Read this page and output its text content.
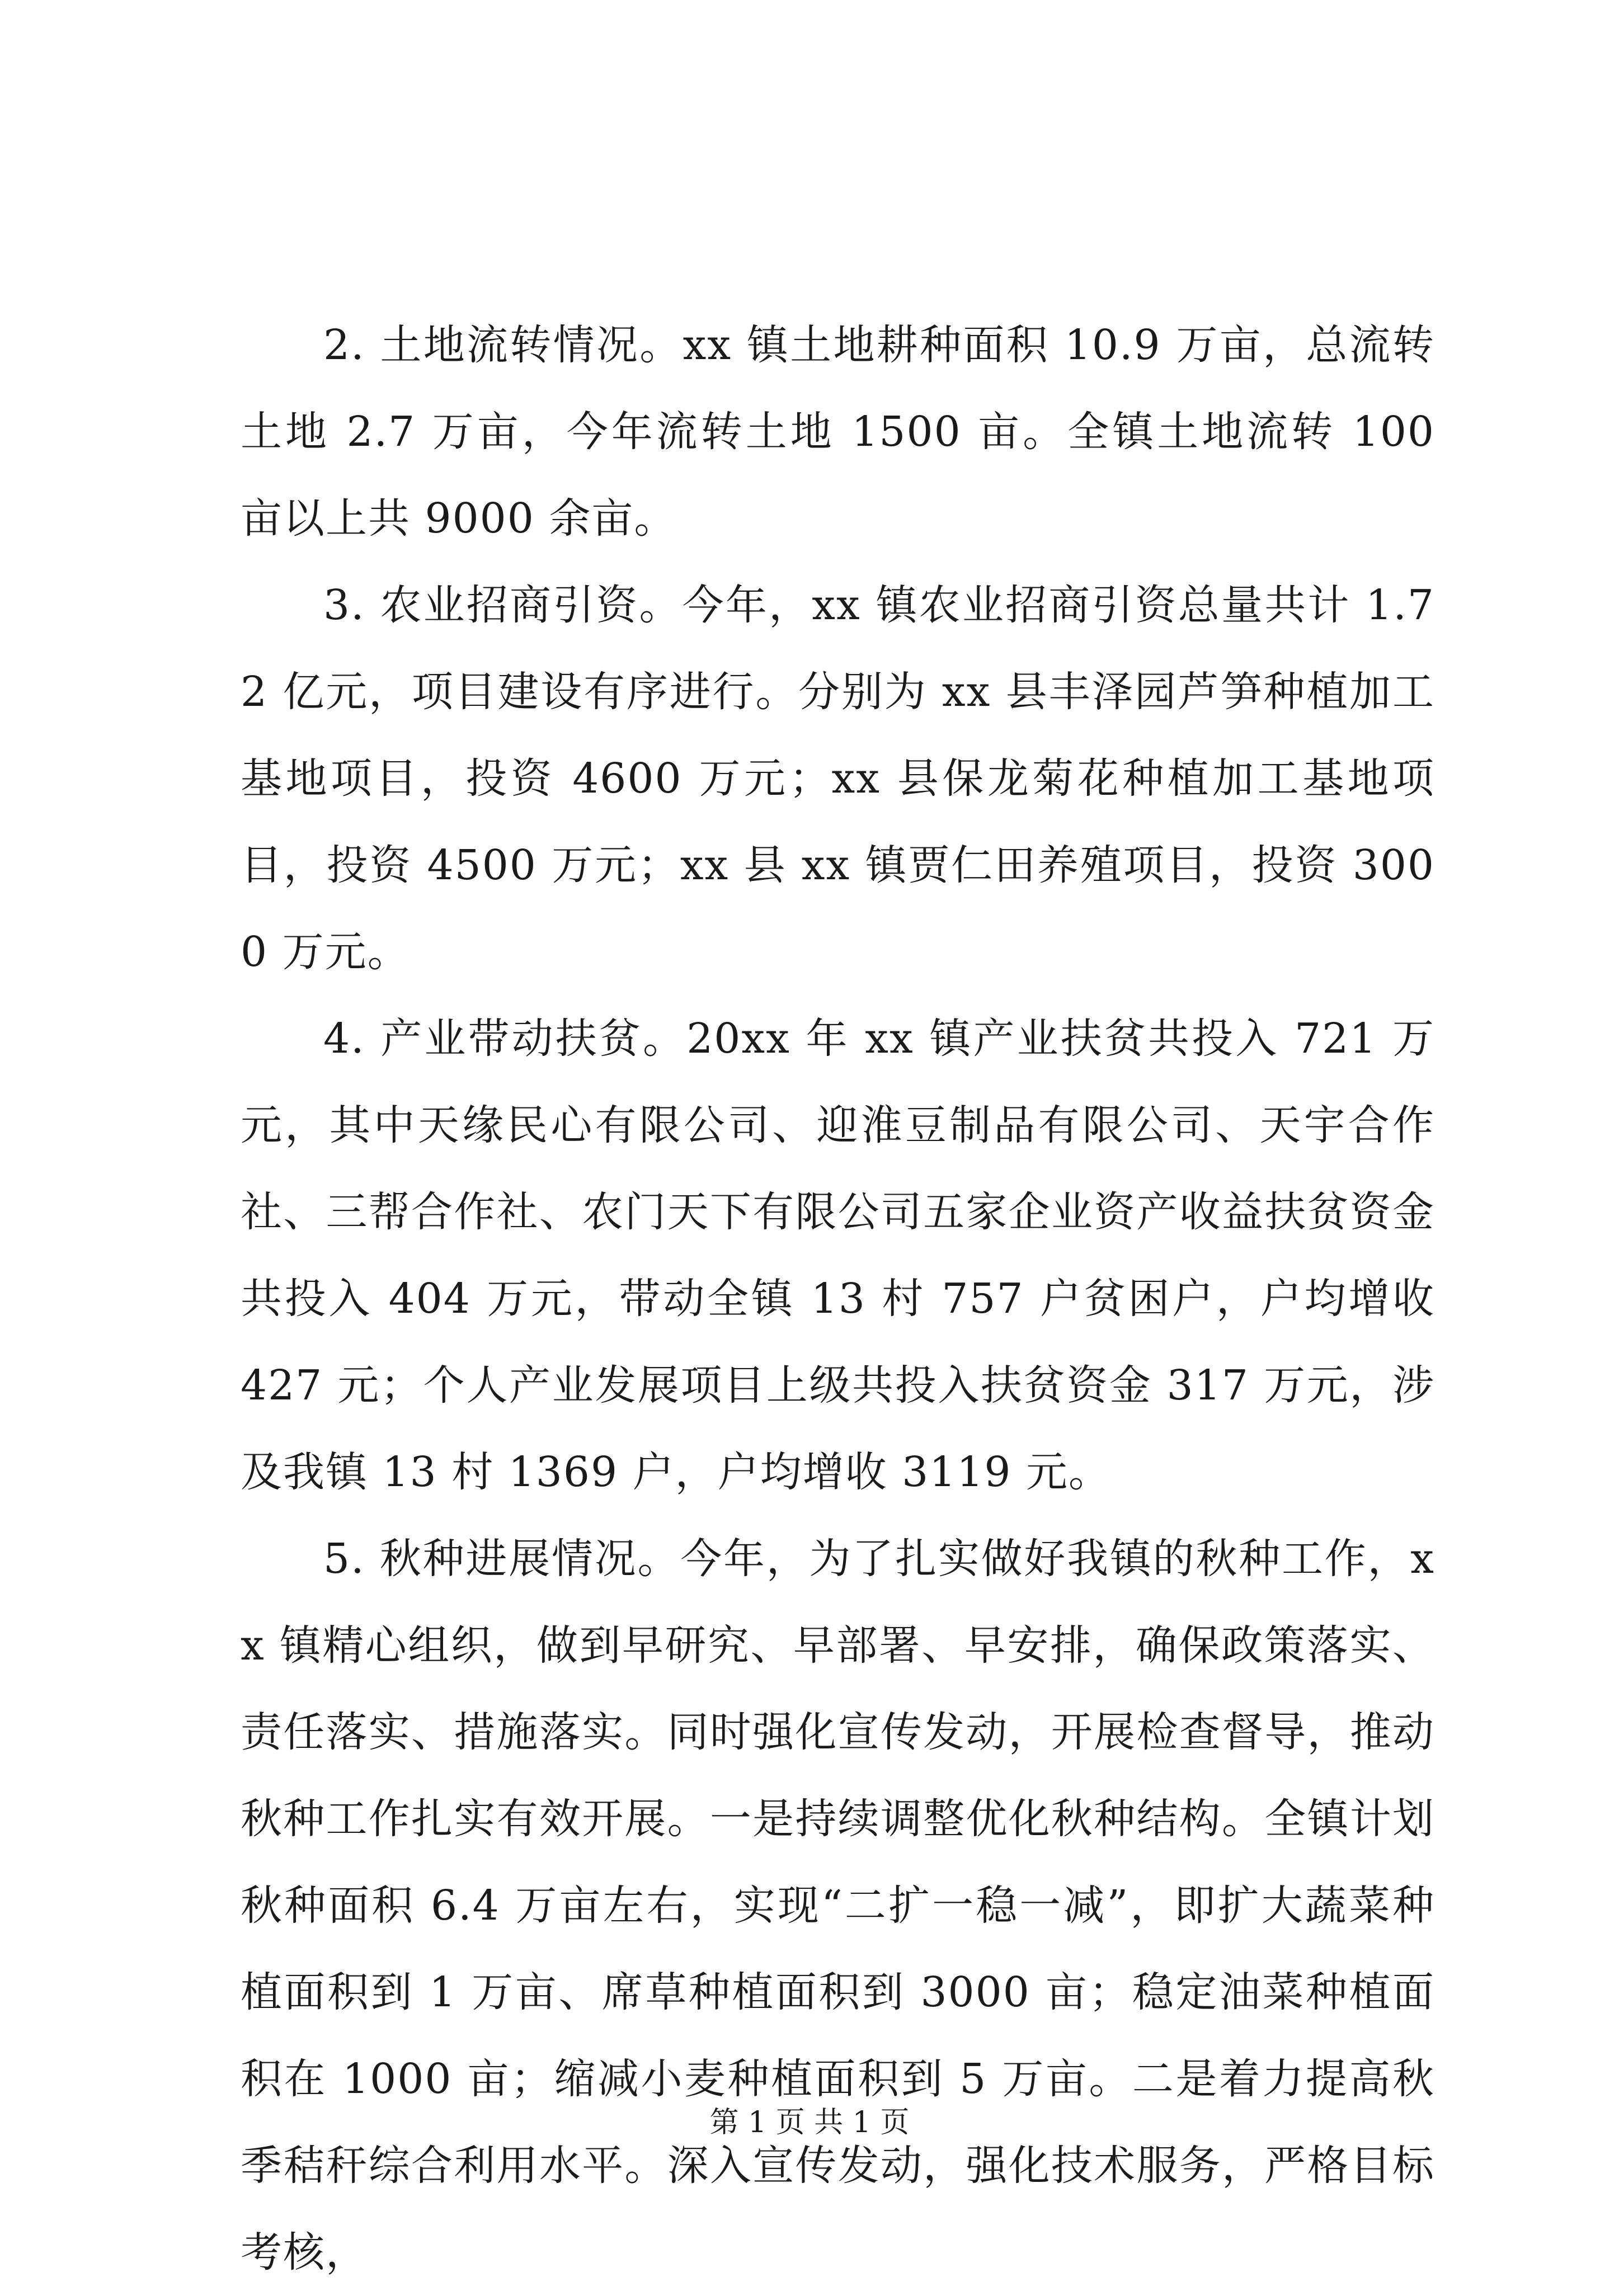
2. 土地流转情况。xx 镇土地耕种面积 10.9 万亩，总流转土地 2.7 万亩，今年流转土地 1500 亩。全镇土地流转 100 亩以上共 9000 余亩。

3. 农业招商引资。今年，xx 镇农业招商引资总量共计 1.72 亿元，项目建设有序进行。分别为 xx 县丰泽园芦笋种植加工基地项目，投资 4600 万元；xx 县保龙菊花种植加工基地项目，投资 4500 万元；xx 县 xx 镇贾仁田养殖项目，投资 3000 万元。

4. 产业带动扶贫。20xx 年 xx 镇产业扶贫共投入 721 万元，其中天缘民心有限公司、迎淮豆制品有限公司、天宇合作社、三帮合作社、农门天下有限公司五家企业资产收益扶贫资金共投入 404 万元，带动全镇 13 村 757 户贫困户，户均增收 427 元；个人产业发展项目上级共投入扶贫资金 317 万元，涉及我镇 13 村 1369 户，户均增收 3119 元。

5. 秋种进展情况。今年，为了扎实做好我镇的秋种工作，xx 镇精心组织，做到早研究、早部署、早安排，确保政策落实、责任落实、措施落实。同时强化宣传发动，开展检查督导，推动秋种工作扎实有效开展。一是持续调整优化秋种结构。全镇计划秋种面积 6.4 万亩左右，实现“二扩一稳一减”，即扩大蔬菜种植面积到 1 万亩、席草种植面积到 3000 亩；稳定油菜种植面积在 1000 亩；缩减小麦种植面积到 5 万亩。二是着力提高秋季秸秆综合利用水平。深入宣传发动，强化技术服务，严格目标考核，

第 1 页 共 1 页
